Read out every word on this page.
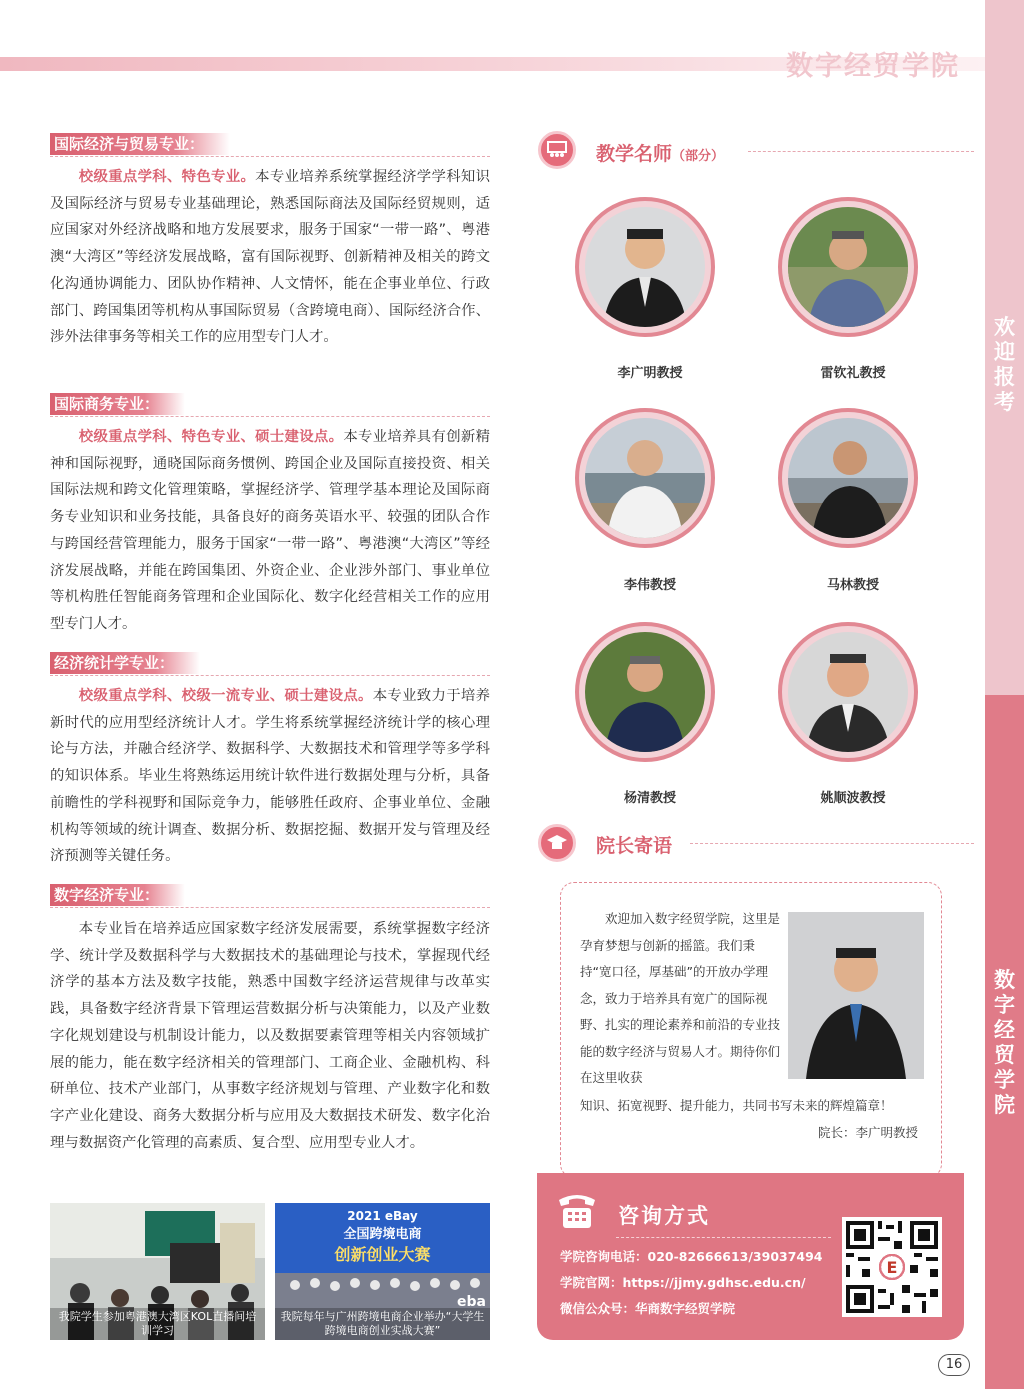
数字经贸学院
欢
迎
报
考
数
字
经
贸
学
院
国际经济与贸易专业：
校级重点学科、特色专业。本专业培养系统掌握经济学学科知识及国际经济与贸易专业基础理论，熟悉国际商法及国际经贸规则，适应国家对外经济战略和地方发展要求，服务于国家“一带一路”、粤港澳“大湾区”等经济发展战略，富有国际视野、创新精神及相关的跨文化沟通协调能力、团队协作精神、人文情怀，能在企事业单位、行政部门、跨国集团等机构从事国际贸易（含跨境电商）、国际经济合作、涉外法律事务等相关工作的应用型专门人才。
国际商务专业：
校级重点学科、特色专业、硕士建设点。本专业培养具有创新精神和国际视野，通晓国际商务惯例、跨国企业及国际直接投资、相关国际法规和跨文化管理策略，掌握经济学、管理学基本理论及国际商务专业知识和业务技能，具备良好的商务英语水平、较强的团队合作与跨国经营管理能力，服务于国家“一带一路”、粤港澳“大湾区”等经济发展战略，并能在跨国集团、外资企业、企业涉外部门、事业单位等机构胜任智能商务管理和企业国际化、数字化经营相关工作的应用型专门人才。
经济统计学专业：
校级重点学科、校级一流专业、硕士建设点。本专业致力于培养新时代的应用型经济统计人才。学生将系统掌握经济统计学的核心理论与方法，并融合经济学、数据科学、大数据技术和管理学等多学科的知识体系。毕业生将熟练运用统计软件进行数据处理与分析，具备前瞻性的学科视野和国际竞争力，能够胜任政府、企事业单位、金融机构等领域的统计调查、数据分析、数据挖掘、数据开发与管理及经济预测等关键任务。
数字经济专业：
本专业旨在培养适应国家数字经济发展需要，系统掌握数字经济学、统计学及数据科学与大数据技术的基础理论与技术，掌握现代经济学的基本方法及数字技能，熟悉中国数字经济运营规律与改革实践，具备数字经济背景下管理运营数据分析与决策能力，以及产业数字化规划建设与机制设计能力，以及数据要素管理等相关内容领域扩展的能力，能在数字经济相关的管理部门、工商企业、金融机构、科研单位、技术产业部门，从事数字经济规划与管理、产业数字化和数字产业化建设、商务大数据分析与应用及大数据技术研发、数字化治理与数据资产化管理的高素质、复合型、应用型专业人才。
我院学生参加粤港澳大湾区KOL直播间培训学习
2021 eBay
全国跨境电商
创新创业大赛
eba
我院每年与广州跨境电商企业举办“大学生跨境电商创业实战大赛”
教学名师（部分）
李广明教授	雷钦礼教授
李伟教授	马林教授
杨清教授	姚顺波教授
院长寄语
欢迎加入数字经贸学院，这里是孕育梦想与创新的摇篮。我们秉持“宽口径，厚基础”的开放办学理念，致力于培养具有宽广的国际视野、扎实的理论素养和前沿的专业技能的数字经济与贸易人才。期待你们在这里收获
知识、拓宽视野、提升能力，共同书写未来的辉煌篇章！
院长：李广明教授
咨询方式
学院咨询电话：020-82666613/39037494
学院官网：https://jjmy.gdhsc.edu.cn/
微信公众号：华商数字经贸学院
E
16
